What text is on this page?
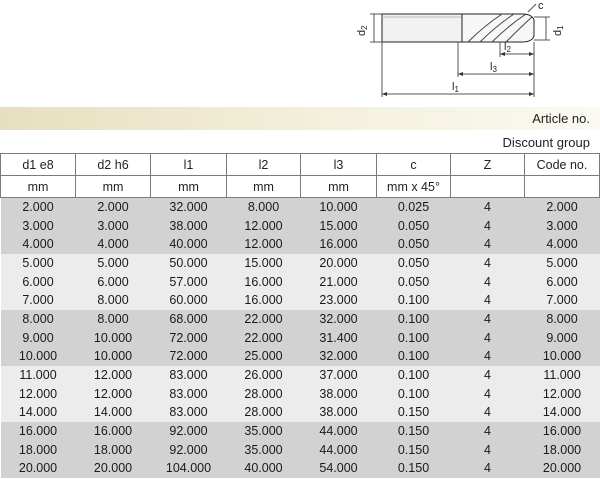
d2
d1
c
l2
l3
l1
Article no.
Discount group
d1 e8	d2 h6	l1	l2	l3	c	Z	Code no.
mm	mm	mm	mm	mm	mm x 45°		
2.000	2.000	32.000	8.000	10.000	0.025	4	2.000
3.000	3.000	38.000	12.000	15.000	0.050	4	3.000
4.000	4.000	40.000	12.000	16.000	0.050	4	4.000
5.000	5.000	50.000	15.000	20.000	0.050	4	5.000
6.000	6.000	57.000	16.000	21.000	0.050	4	6.000
7.000	8.000	60.000	16.000	23.000	0.100	4	7.000
8.000	8.000	68.000	22.000	32.000	0.100	4	8.000
9.000	10.000	72.000	22.000	31.400	0.100	4	9.000
10.000	10.000	72.000	25.000	32.000	0.100	4	10.000
11.000	12.000	83.000	26.000	37.000	0.100	4	11.000
12.000	12.000	83.000	28.000	38.000	0.100	4	12.000
14.000	14.000	83.000	28.000	38.000	0.150	4	14.000
16.000	16.000	92.000	35.000	44.000	0.150	4	16.000
18.000	18.000	92.000	35.000	44.000	0.150	4	18.000
20.000	20.000	104.000	40.000	54.000	0.150	4	20.000
